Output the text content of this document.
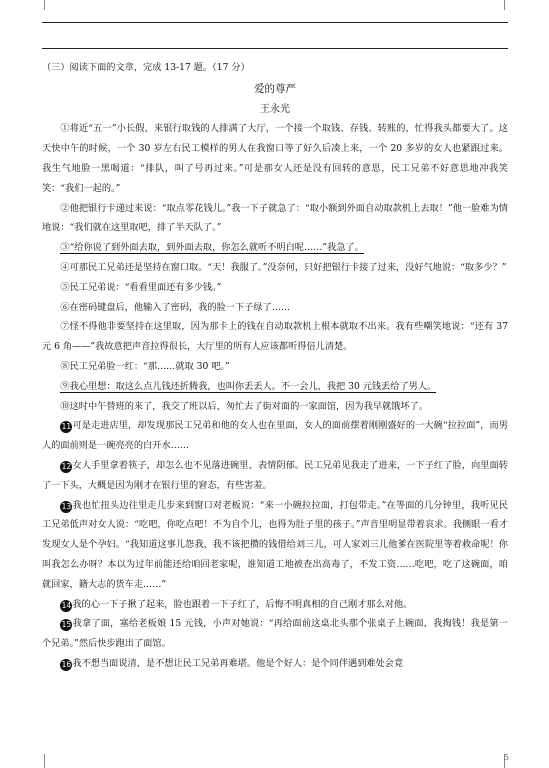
（三）阅读下面的文章，完成 13-17 题。（17 分）
爱的尊严
王永光

①将近“五一”小长假，来银行取钱的人排满了大厅，一个接一个取钱、存钱、转账的，忙得我头都要大了。这天快中午的时候，一个 30 岁左右民工模样的男人在我窗口等了好久后凑上来，一个 20 多岁的女人也紧跟过来。我生气地脸一黑喝道：“排队，叫了号再过来。”可是那女人还是没有回转的意思，民工兄弟不好意思地冲我笑笑：“我们一起的。”

②他把银行卡递过来说：“取点零花钱儿。”我一下子就急了：“取小额到外面自动取款机上去取！”他一脸难为情地说：“我们就在这里取吧，排了半天队了。”

③“给你说了到外面去取，到外面去取，你怎么就听不明白呢……”我急了。

④可那民工兄弟还是坚持在窗口取。“天！我服了。”没奈何，只好把银行卡接了过来，没好气地说：“取多少？”

⑤民工兄弟说：“看看里面还有多少钱。”

⑥在密码键盘后，他输入了密码，我的脸一下子绿了……

⑦怪不得他非要坚持在这里取，因为那卡上的钱在自动取款机上根本就取不出来。我有些嘲笑地说：“还有 37 元 6 角——”我故意把声音拉得很长，大厅里的所有人应该都听得倍儿清楚。

⑧民工兄弟脸一红：“那……就取 30 吧。”

⑨我心里想：取这么点儿钱还折腾我，也叫你丢丢人。不一会儿，我把 30 元钱丢给了男人。

⑩这时中午替班的来了，我交了班以后，匆忙去了街对面的一家面馆，因为我早就饿坏了。

11可是走进店里，却发现那民工兄弟和他的女人也在里面，女人的面前摆着刚刚盛好的一大碗“拉拉面”，而男人的面前则是一碗亮亮的白开水……

12女人手里拿着筷子，却怎么也不见落进碗里，表情阴郁。民工兄弟见我走了进来，一下子红了脸，向里面转了一下头，大概是因为刚才在银行里的窘态，有些害羞。

13我也忙扭头边往里走几步来到窗口对老板说：“来一小碗拉拉面，打包带走。”在等面的几分钟里，我听见民工兄弟低声对女人说：“吃吧，你吃点吧！不为自个儿，也得为肚子里的孩子。”声音里明显带着哀求。我侧眼一看才发现女人是个孕妇。“我知道这事儿怨我，我不该把攒的钱借给刘三儿，可人家刘三儿他爹在医院里等着救命呢！你叫我怎么办呀？本以为过年前能还给咱回老家呢，谁知道工地被查出高毒了，不发工资……吃吧，吃了这碗面，咱就回家，籍大志的货车走……”

14我的心一下子揪了起来，脸也跟着一下子红了，后悔不明真相的自己刚才那么对他。

15我拿了面，塞给老板娘 15 元钱，小声对她说：“再给面前这桌北头那个张桌子上碗面，我掏钱！我是第一个兄弟。”然后快步跑出了面馆。

16我不想当面说清，是不想让民工兄弟再难堪。他是个好人：是个同伴遇到难处会竟

5
